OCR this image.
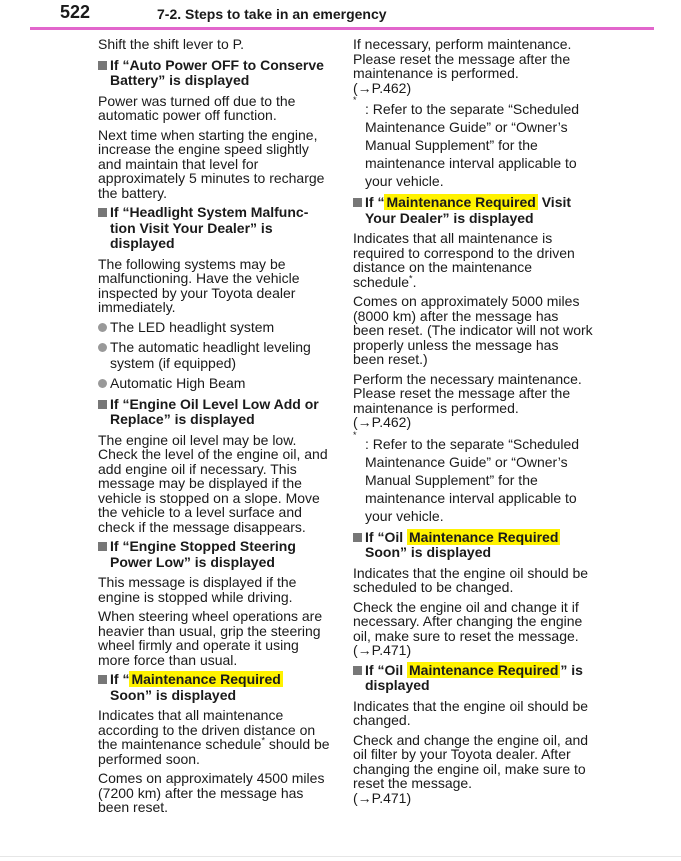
522	7-2. Steps to take in an emergency

Shift the shift lever to P.

If “Auto Power OFF to Conserve
Battery” is displayed

Power was turned off due to the automatic power off function.

Next time when starting the engine, increase the engine speed slightly and maintain that level for approximately 5 minutes to recharge the battery.

If “Headlight System Malfunc-
tion Visit Your Dealer” is displayed

The following systems may be malfunctioning. Have the vehicle inspected by your Toyota dealer immediately.

The LED headlight system
The automatic headlight leveling system (if equipped)
Automatic High Beam
If “Engine Oil Level Low Add or
Replace” is displayed

The engine oil level may be low. Check the level of the engine oil, and add engine oil if necessary. This message may be displayed if the vehicle is stopped on a slope. Move the vehicle to a level surface and check if the message disappears.

If “Engine Stopped Steering
Power Low” is displayed

This message is displayed if the engine is stopped while driving.

When steering wheel operations are heavier than usual, grip the steering wheel firmly and operate it using more force than usual.

If “ Maintenance Required
Soon” is displayed

Indicates that all maintenance according to the driven distance on the maintenance schedule* should be performed soon.

Comes on approximately 4500 miles (7200 km) after the message has been reset.

If necessary, perform maintenance. Please reset the message after the maintenance is performed.
(→P.462)

*
: Refer to the separate “Scheduled Maintenance Guide” or “Owner’s Manual Supplement” for the maintenance interval applicable to your vehicle.
If “ Maintenance Required Visit
Your Dealer” is displayed

Indicates that all maintenance is required to correspond to the driven distance on the maintenance schedule*.

Comes on approximately 5000 miles (8000 km) after the message has been reset. (The indicator will not work properly unless the message has been reset.)

Perform the necessary maintenance. Please reset the message after the maintenance is performed.
(→P.462)

*
: Refer to the separate “Scheduled Maintenance Guide” or “Owner’s Manual Supplement” for the maintenance interval applicable to your vehicle.
If “Oil Maintenance Required
Soon” is displayed

Indicates that the engine oil should be scheduled to be changed.

Check the engine oil and change it if necessary. After changing the engine oil, make sure to reset the message. (→P.471)

If “Oil Maintenance Required ” is
displayed

Indicates that the engine oil should be changed.

Check and change the engine oil, and oil filter by your Toyota dealer. After changing the engine oil, make sure to reset the message.
(→P.471)
